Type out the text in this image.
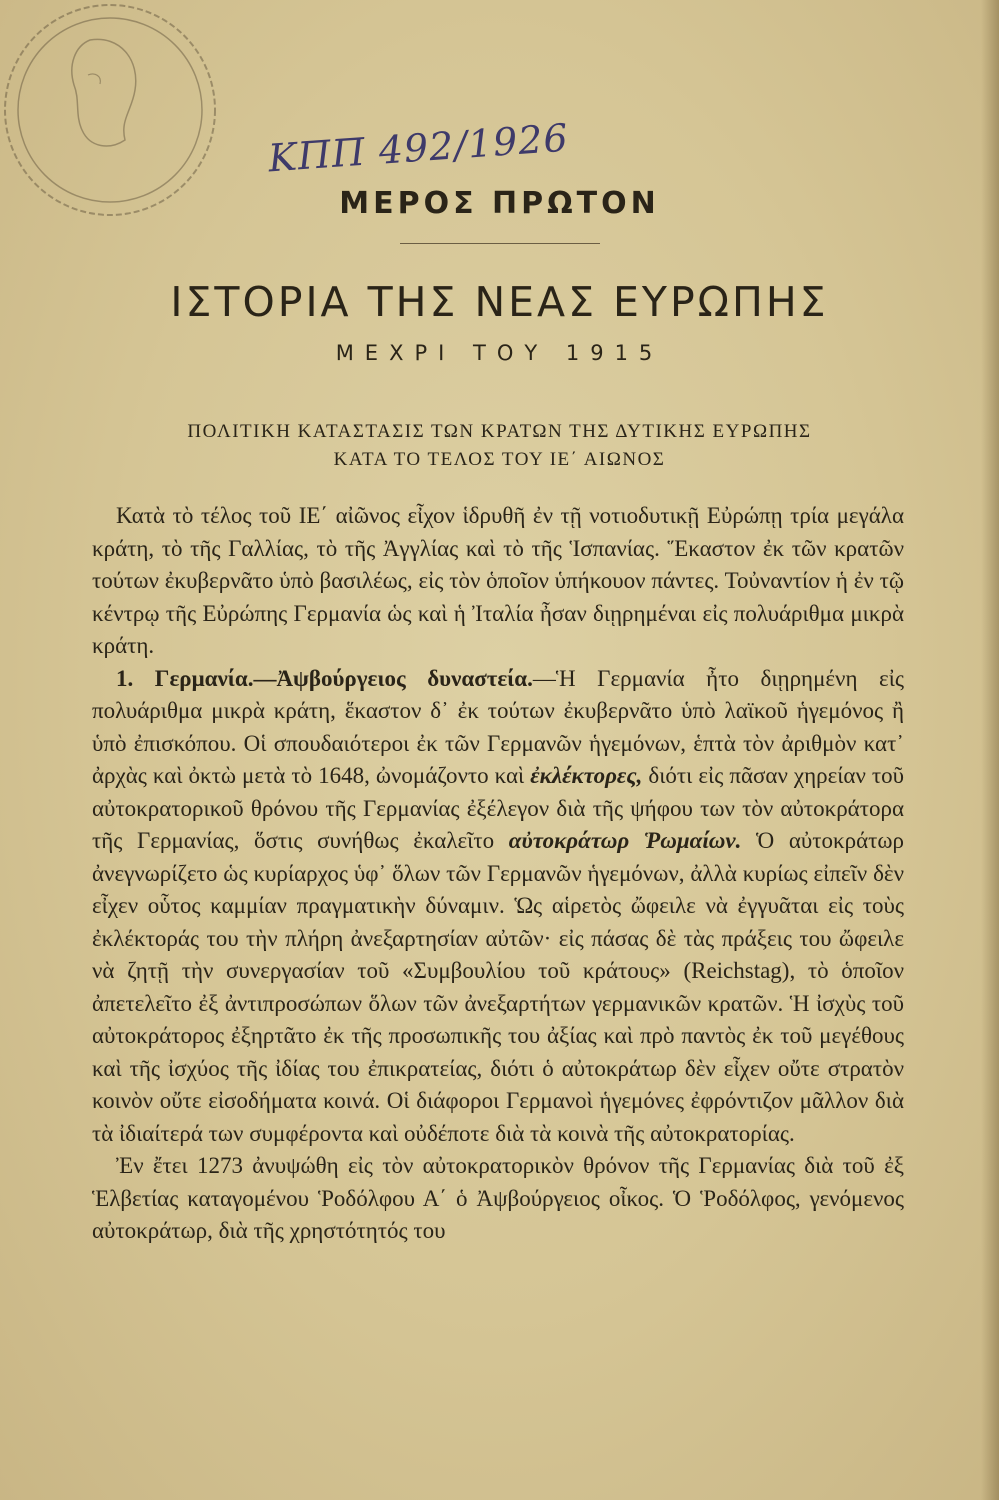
ΚΠΠ 492/1926
ΜΕΡΟΣ ΠΡΩΤΟΝ
ΙΣΤΟΡΙΑ ΤΗΣ ΝΕΑΣ ΕΥΡΩΠΗΣ
ΜΕΧΡΙ ΤΟΥ 1915
ΠΟΛΙΤΙΚΗ ΚΑΤΑΣΤΑΣΙΣ ΤΩΝ ΚΡΑΤΩΝ ΤΗΣ ΔΥΤΙΚΗΣ ΕΥΡΩΠΗΣ
ΚΑΤΑ ΤΟ ΤΕΛΟΣ ΤΟΥ ΙΕ΄ ΑΙΩΝΟΣ

Κατὰ τὸ τέλος τοῦ ΙΕ΄ αἰῶνος εἶχον ἱδρυθῆ ἐν τῇ νοτιοδυτικῇ Εὐρώπῃ τρία μεγάλα κράτη, τὸ τῆς Γαλλίας, τὸ τῆς Ἀγγλίας καὶ τὸ τῆς Ἱσπανίας. Ἕκαστον ἐκ τῶν κρατῶν τούτων ἐκυβερνᾶτο ὑπὸ βασιλέως, εἰς τὸν ὁποῖον ὑπήκουον πάντες. Τοὐναντίον ἡ ἐν τῷ κέντρῳ τῆς Εὐρώπης Γερμανία ὡς καὶ ἡ Ἰταλία ἦσαν διῃρημέναι εἰς πολυάριθμα μικρὰ κράτη.

1. Γερμανία.—Ἀψβούργειος δυναστεία.—Ἡ Γερμανία ἦτο διῃρημένη εἰς πολυάριθμα μικρὰ κράτη, ἕκαστον δ᾽ ἐκ τούτων ἐκυβερνᾶτο ὑπὸ λαϊκοῦ ἡγεμόνος ἢ ὑπὸ ἐπισκόπου. Οἱ σπουδαιότεροι ἐκ τῶν Γερμανῶν ἡγεμόνων, ἑπτὰ τὸν ἀριθμὸν κατ᾽ ἀρχὰς καὶ ὀκτὼ μετὰ τὸ 1648, ὠνομάζοντο καὶ ἐκλέκτορες, διότι εἰς πᾶσαν χηρείαν τοῦ αὐτοκρατορικοῦ θρόνου τῆς Γερμανίας ἐξέλεγον διὰ τῆς ψήφου των τὸν αὐτοκράτορα τῆς Γερμανίας, ὅστις συνήθως ἐκαλεῖτο αὐτοκράτωρ Ῥωμαίων. Ὁ αὐτοκράτωρ ἀνεγνωρίζετο ὡς κυρίαρχος ὑφ᾽ ὅλων τῶν Γερμανῶν ἡγεμόνων, ἀλλὰ κυρίως εἰπεῖν δὲν εἶχεν οὗτος καμμίαν πραγματικὴν δύναμιν. Ὡς αἱρετὸς ὤφειλε νὰ ἐγγυᾶται εἰς τοὺς ἐκλέκτοράς του τὴν πλήρη ἀνεξαρτησίαν αὐτῶν· εἰς πάσας δὲ τὰς πράξεις του ὤφειλε νὰ ζητῇ τὴν συνεργασίαν τοῦ «Συμβουλίου τοῦ κράτους» (Reichstag), τὸ ὁποῖον ἀπετελεῖτο ἐξ ἀντιπροσώπων ὅλων τῶν ἀνεξαρτήτων γερμανικῶν κρατῶν. Ἡ ἰσχὺς τοῦ αὐτοκράτορος ἐξηρτᾶτο ἐκ τῆς προσωπικῆς του ἀξίας καὶ πρὸ παντὸς ἐκ τοῦ μεγέθους καὶ τῆς ἰσχύος τῆς ἰδίας του ἐπικρατείας, διότι ὁ αὐτοκράτωρ δὲν εἶχεν οὔτε στρατὸν κοινὸν οὔτε εἰσοδήματα κοινά. Οἱ διάφοροι Γερμανοὶ ἡγεμόνες ἐφρόντιζον μᾶλλον διὰ τὰ ἰδιαίτερά των συμφέροντα καὶ οὐδέποτε διὰ τὰ κοινὰ τῆς αὐτοκρατορίας.

Ἐν ἔτει 1273 ἀνυψώθη εἰς τὸν αὐτοκρατορικὸν θρόνον τῆς Γερμανίας διὰ τοῦ ἐξ Ἑλβετίας καταγομένου Ῥοδόλφου Α΄ ὁ Ἀψβούργειος οἶκος. Ὁ Ῥοδόλφος, γενόμενος αὐτοκράτωρ, διὰ τῆς χρηστότητός του
